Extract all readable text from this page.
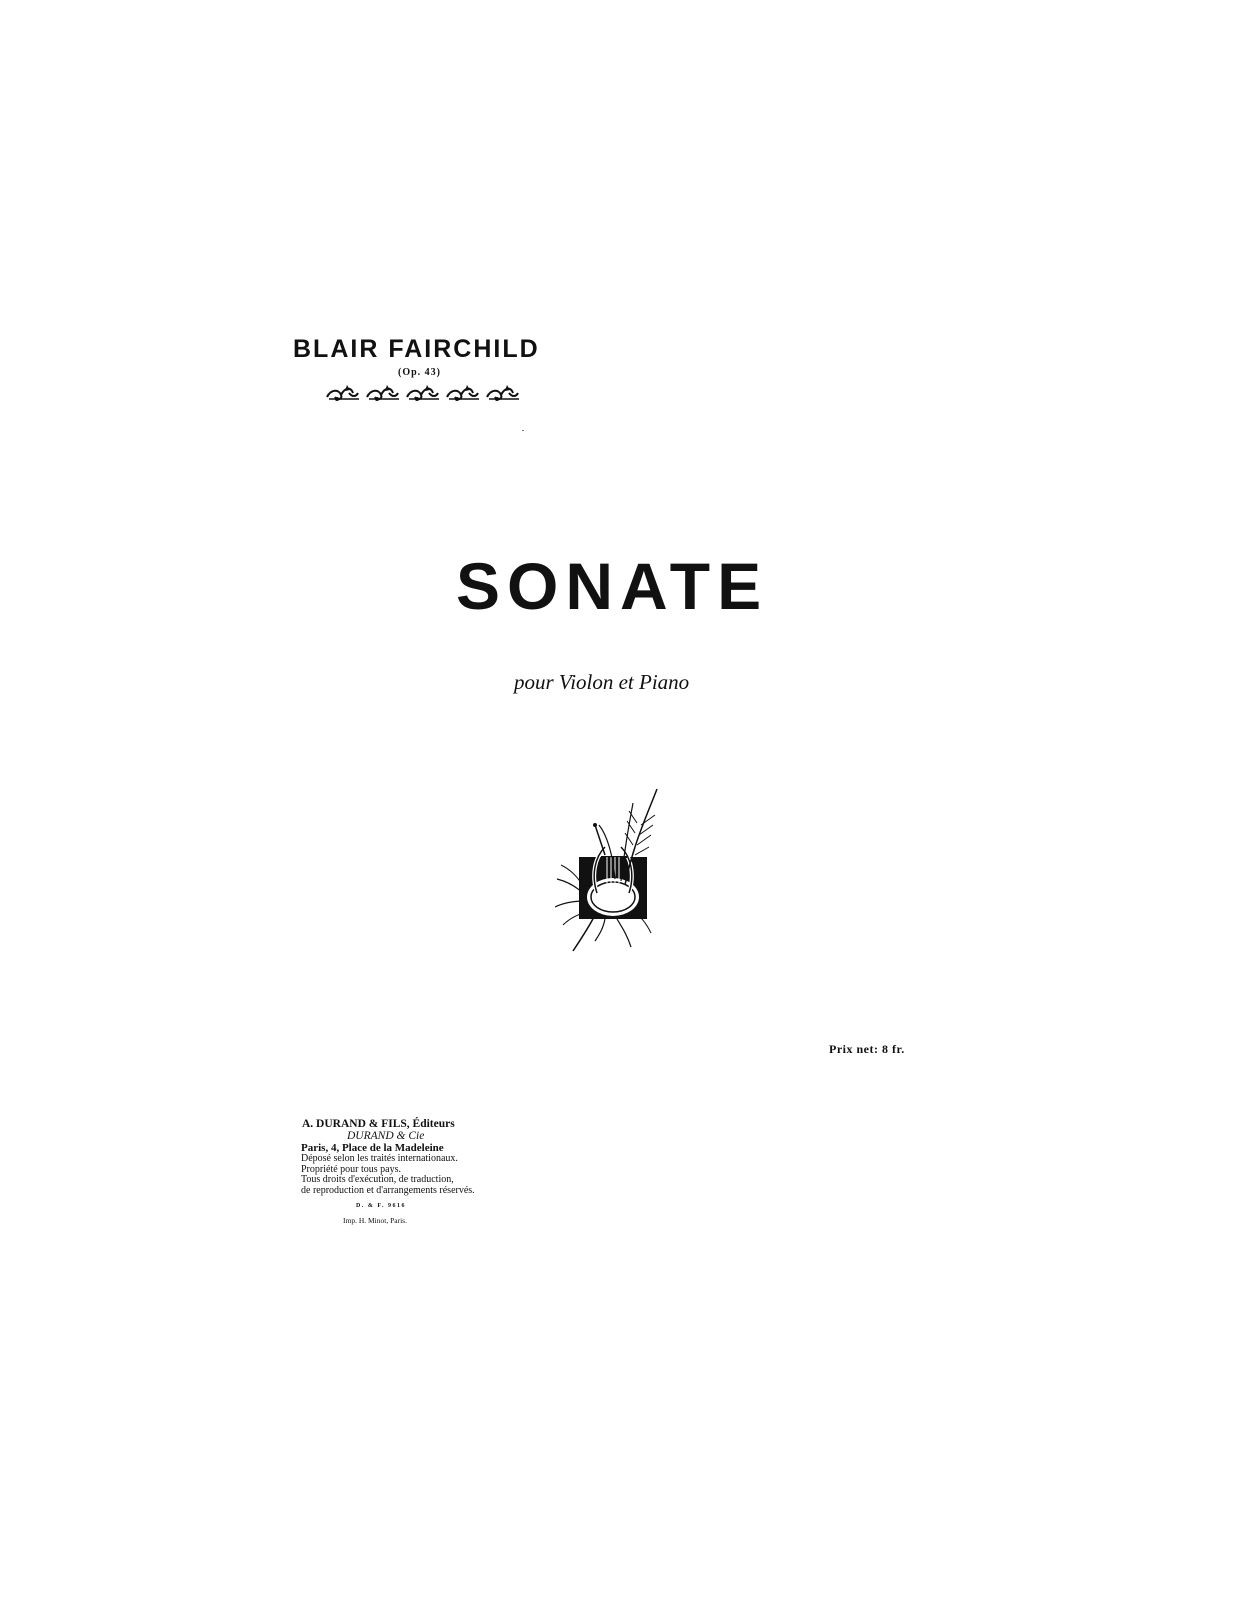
BLAIR FAIRCHILD
(Op. 43)
SONATE
pour Violon et Piano
Prix net: 8 fr.
A. DURAND & FILS, Éditeurs
DURAND & Cie
Paris, 4, Place de la Madeleine
Déposé selon les traités internationaux.
Propriété pour tous pays.
Tous droits d'exécution, de traduction,
de reproduction et d'arrangements réservés.
D. & F. 9616
Imp. H. Minot, Paris.
